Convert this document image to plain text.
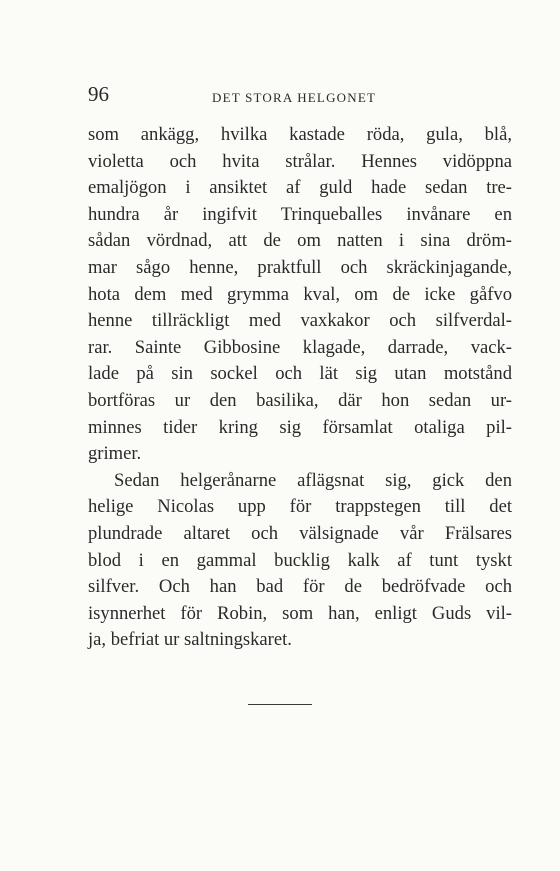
96	DET STORA HELGONET
som ankägg, hvilka kastade röda, gula, blå,
violetta och hvita strålar. Hennes vidöppna
emaljögon i ansiktet af guld hade sedan tre-
hundra år ingifvit Trinqueballes invånare en
sådan vördnad, att de om natten i sina dröm-
mar sågo henne, praktfull och skräckinjagande,
hota dem med grymma kval, om de icke gåfvo
henne tillräckligt med vaxkakor och silfverdal-
rar. Sainte Gibbosine klagade, darrade, vack-
lade på sin sockel och lät sig utan motstånd
bortföras ur den basilika, där hon sedan ur-
minnes tider kring sig församlat otaliga pil-
grimer.
Sedan helgerånarne aflägsnat sig, gick den
helige Nicolas upp för trappstegen till det
plundrade altaret och välsignade vår Frälsares
blod i en gammal bucklig kalk af tunt tyskt
silfver. Och han bad för de bedröfvade och
isynnerhet för Robin, som han, enligt Guds vil-
ja, befriat ur saltningskaret.
